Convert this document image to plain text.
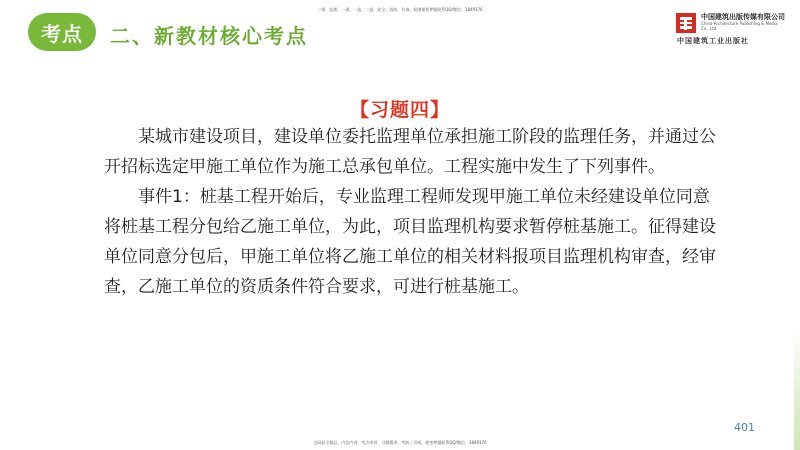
二建、监理、一建、一造、二造、安全、消防、咨询、检测课程押题联系QQ/微信：3849176
考点 二、新教材核心考点
中国建筑出版传媒有限公司
China Architecture Publishing & Media Co., Ltd.
中国建筑工业出版社
【习题四】

某城市建设项目，建设单位委托监理单位承担施工阶段的监理任务，并通过公开招标选定甲施工单位作为施工总承包单位。工程实施中发生了下列事件。

事件1：桩基工程开始后，专业监理工程师发现甲施工单位未经建设单位同意将桩基工程分包给乙施工单位，为此，项目监理机构要求暂停桩基施工。征得建设单位同意分包后，甲施工单位将乙施工单位的相关材料报项目监理机构审查，经审查，乙施工单位的资质条件符合要求，可进行桩基施工。

401
全网最全精品，内含内讲、考点串讲、习题精讲、考前三页纸、绝密押题联系QQ/微信：3849176
